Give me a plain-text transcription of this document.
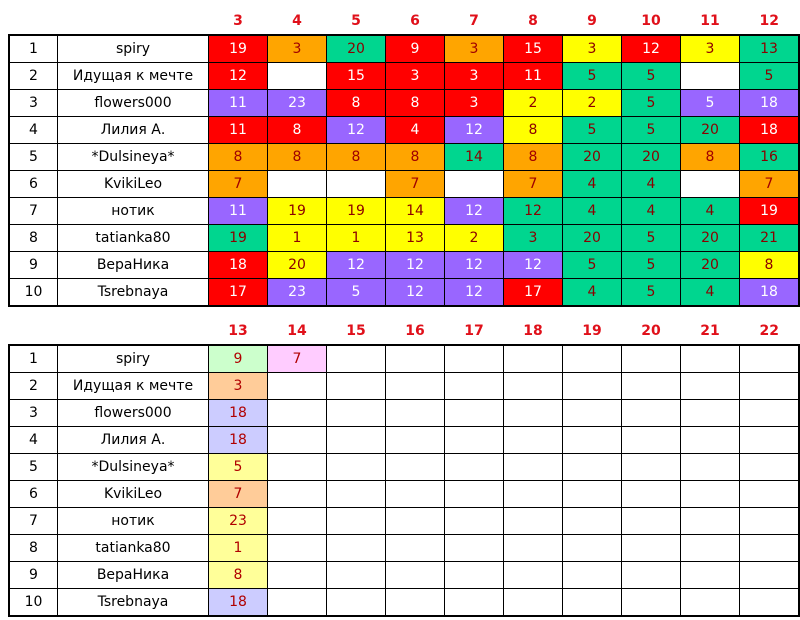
		3	4	5	6	7	8	9	10	11	12
1	spiry	19	3	20	9	3	15	3	12	3	13
2	Идущая к мечте	12		15	3	3	11	5	5		5
3	flowers000	11	23	8	8	3	2	2	5	5	18
4	Лилия А.	11	8	12	4	12	8	5	5	20	18
5	*Dulsineya*	8	8	8	8	14	8	20	20	8	16
6	KvikiLeo	7			7		7	4	4		7
7	нотик	11	19	19	14	12	12	4	4	4	19
8	tatianka80	19	1	1	13	2	3	20	5	20	21
9	ВераНика	18	20	12	12	12	12	5	5	20	8
10	Tsrebnaya	17	23	5	12	12	17	4	5	4	18
		13	14	15	16	17	18	19	20	21	22
1	spiry	9	7								
2	Идущая к мечте	3									
3	flowers000	18									
4	Лилия А.	18									
5	*Dulsineya*	5									
6	KvikiLeo	7									
7	нотик	23									
8	tatianka80	1									
9	ВераНика	8									
10	Tsrebnaya	18									
